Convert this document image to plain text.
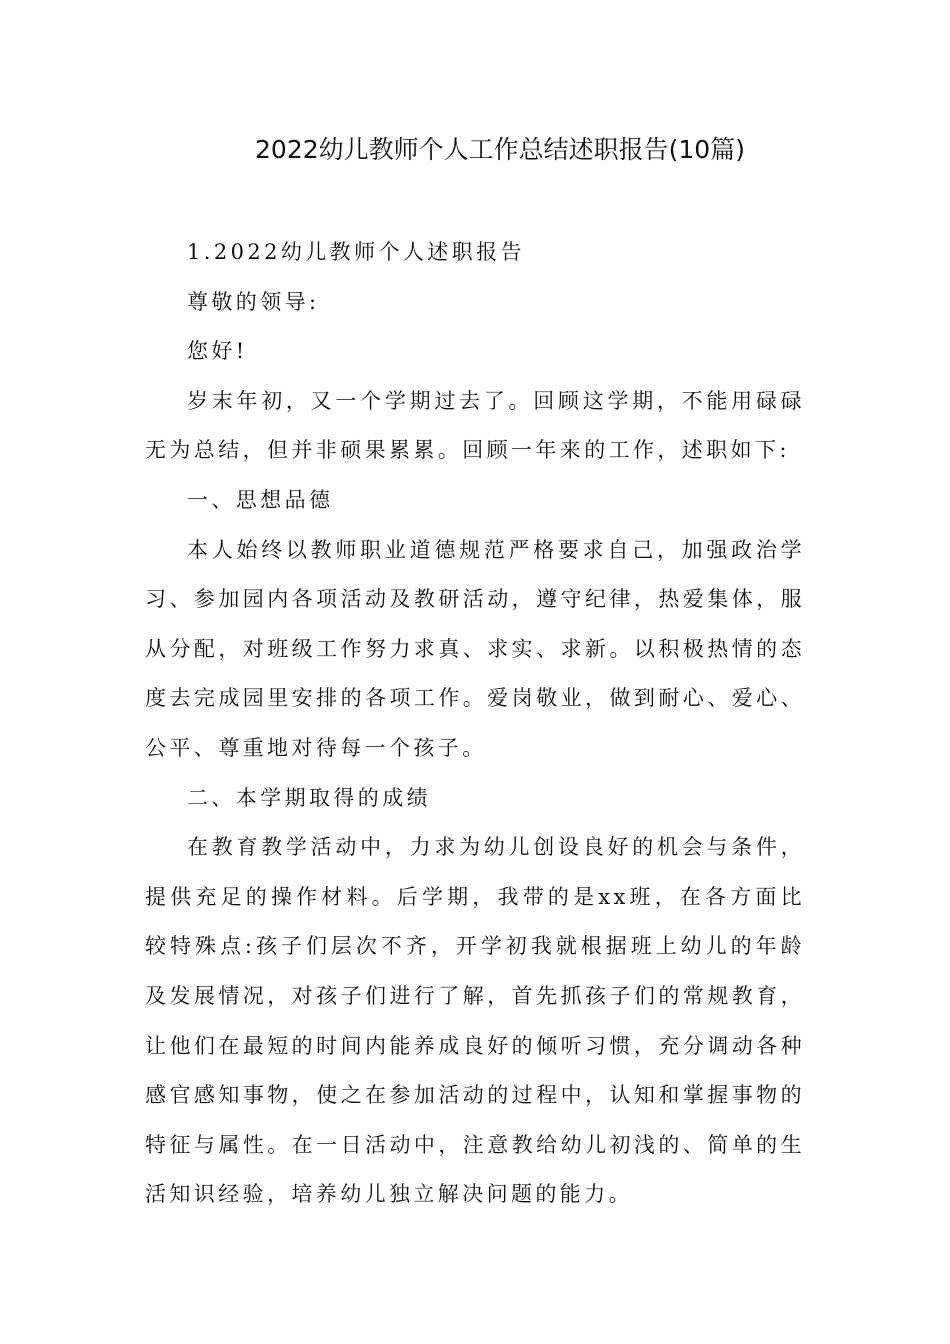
2022幼儿教师个人工作总结述职报告(10篇)

1.2022幼儿教师个人述职报告

尊敬的领导:

您好!

岁末年初，又一个学期过去了。回顾这学期，不能用碌碌无为总结，但并非硕果累累。回顾一年来的工作，述职如下:

一、思想品德

本人始终以教师职业道德规范严格要求自己，加强政治学习、参加园内各项活动及教研活动，遵守纪律，热爱集体，服从分配，对班级工作努力求真、求实、求新。以积极热情的态度去完成园里安排的各项工作。爱岗敬业，做到耐心、爱心、公平、尊重地对待每一个孩子。

二、本学期取得的成绩

在教育教学活动中，力求为幼儿创设良好的机会与条件，提供充足的操作材料。后学期，我带的是xx班，在各方面比较特殊点:孩子们层次不齐，开学初我就根据班上幼儿的年龄及发展情况，对孩子们进行了解，首先抓孩子们的常规教育，让他们在最短的时间内能养成良好的倾听习惯，充分调动各种感官感知事物，使之在参加活动的过程中，认知和掌握事物的特征与属性。在一日活动中，注意教给幼儿初浅的、简单的生活知识经验，培养幼儿独立解决问题的能力。
